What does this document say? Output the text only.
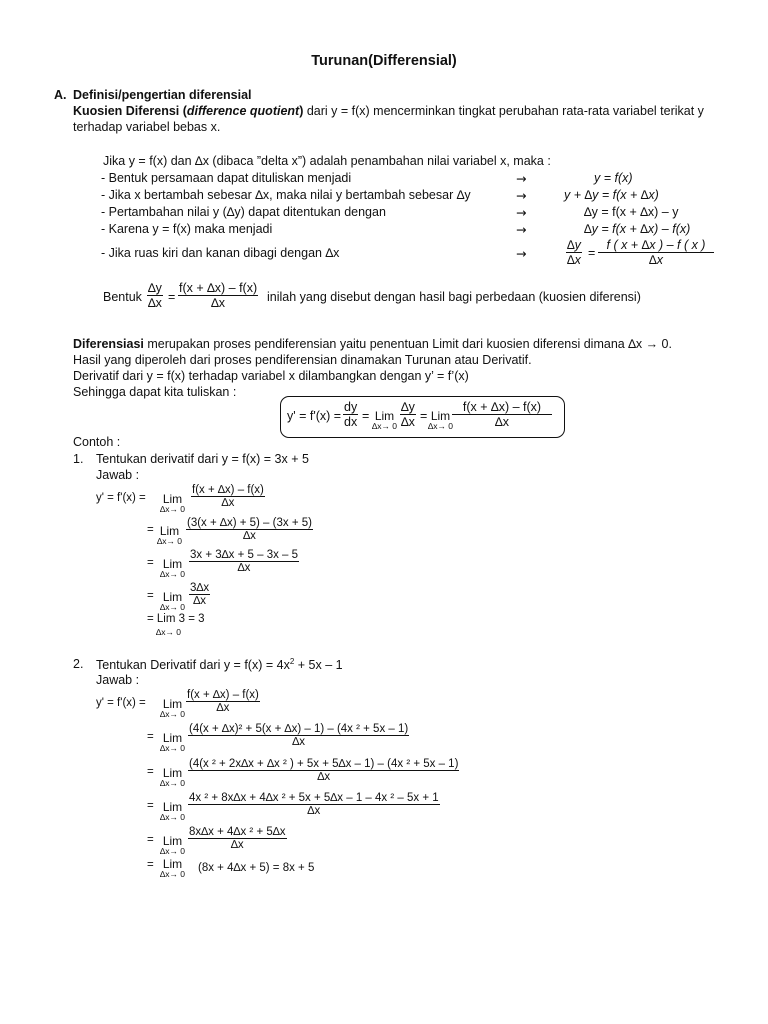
Turunan(Differensial)
A. Definisi/pengertian diferensial
Kuosien Diferensi (difference quotient) dari y = f(x) mencerminkan tingkat perubahan rata-rata variabel terikat y
terhadap variabel bebas x.
Jika y = f(x) dan ∆x (dibaca ”delta x”) adalah penambahan nilai variabel x, maka :
- Bentuk persamaan dapat dituliskan menjadi
- Jika x bertambah sebesar ∆x, maka nilai y bertambah sebesar ∆y
- Pertambahan nilai y (∆y) dapat ditentukan dengan
- Karena y = f(x) maka menjadi
- Jika ruas kiri dan kanan dibagi dengan ∆x
→
→
→
→
→
y = f(x)
y + ∆y = f(x + ∆x)
∆y = f(x + ∆x) – y
∆y = f(x + ∆x) – f(x)
$\frac{\Delta y}{\Delta x} = \frac{f ( x + \Delta x ) - f ( x )}{\Delta x}$
Bentuk $\frac{\Delta y}{\Delta x} = \frac{f(x + \Delta x) - f(x)}{\Delta x}$ inilah yang disebut dengan hasil bagi perbedaan (kuosien diferensi)
Diferensiasi merupakan proses pendiferensian yaitu penentuan Limit dari kuosien diferensi dimana ∆x → 0.
Hasil yang diperoleh dari proses pendiferensian dinamakan Turunan atau Derivatif.
Derivatif dari y = f(x) terhadap variabel x dilambangkan dengan y’ = f’(x)
Sehingga dapat kita tuliskan :
$y' = f'(x) = \frac{dy}{dx}$ = Lim
$\Delta x\to 0 \frac{\Delta y}{\Delta x}$ = Lim
∆x→ 0
$\frac{f(x + \Delta x) - f(x)}{\Delta x}$
Contoh :
1. Tentukan derivatif dari y = f(x) = 3x + 5
Jawab :
y' = f'(x) = Lim
$\Delta x\to 0 \frac{f(x + \Delta x) - f(x)}{\Delta x}$
= Lim
$\Delta x\to 0 \frac{(3(x + \Delta x) + 5) - (3x + 5)}{\Delta x}$
= Lim
$\Delta x\to 0 \frac{3x + 3\Delta x + 5 - 3x - 5}{\Delta x}$
= Lim
$\Delta x\to 0 \frac{3\Delta x}{\Delta x}$
= Lim 3 = 3
∆x→ 0
2. Tentukan Derivatif dari $y = f(x) = 4x^2 + 5x - 1$
Jawab :
y' = f'(x) = Lim
$\Delta x\to 0 \frac{f(x + \Delta x) - f(x)}{\Delta x}$
= Lim
$\Delta x\to 0 \frac{\text{(4(x + ∆x)² + 5(x + ∆x) – 1) – (4x ² + 5x – 1)}}{\Delta x}$
= Lim
$\Delta x\to 0 \frac{\text{(4(x ² + 2x∆x + ∆x ² ) + 5x + 5∆x – 1) – (4x ² + 5x – 1)}}{\Delta x}$
= Lim
$\Delta x\to 0 \frac{\text{4x ² + 8x∆x + 4∆x ² + 5x + 5∆x – 1 – 4x ² – 5x + 1}}{\Delta x}$
= Lim
$\Delta x\to 0 \frac{\text{8x∆x + 4∆x ² + 5∆x}}{\Delta x}$
= Lim
∆x→ 0 (8x + 4∆x + 5) = 8x + 5
